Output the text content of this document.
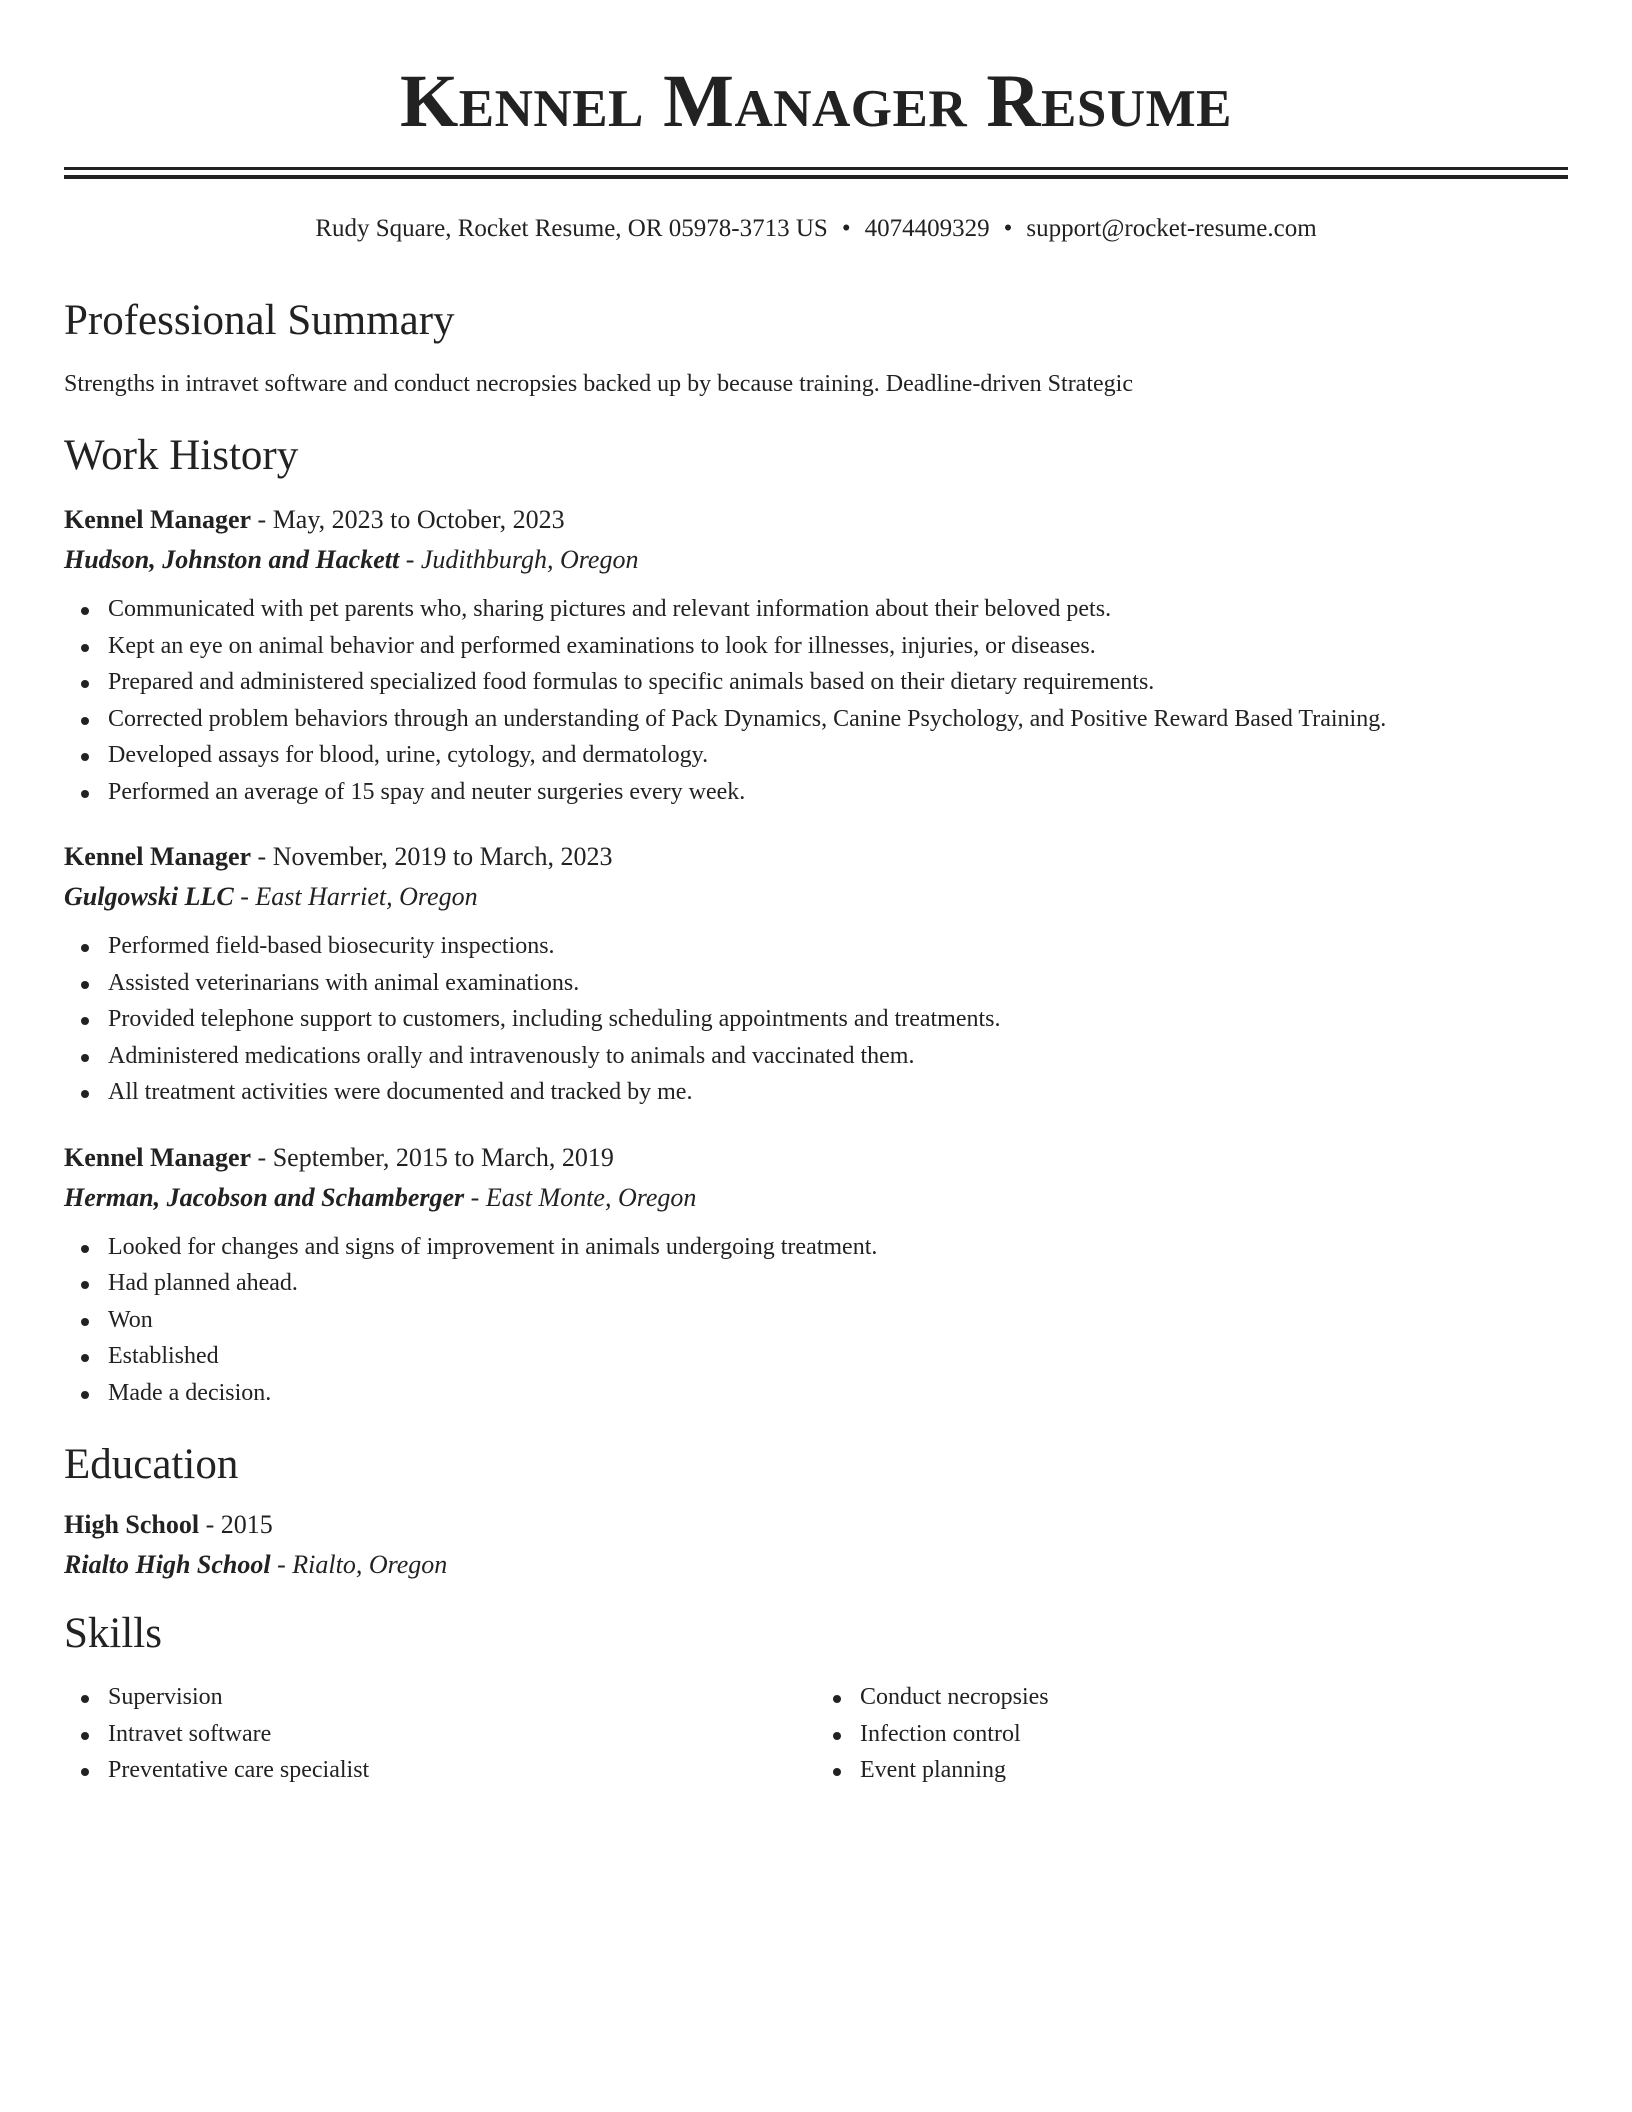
Kennel Manager Resume
Rudy Square, Rocket Resume, OR 05978-3713 US • 4074409329 • support@rocket-resume.com
Professional Summary

Strengths in intravet software and conduct necropsies backed up by because training. Deadline-driven Strategic

Work History
Kennel Manager - May, 2023 to October, 2023
Hudson, Johnston and Hackett - Judithburgh, Oregon
Communicated with pet parents who, sharing pictures and relevant information about their beloved pets.
Kept an eye on animal behavior and performed examinations to look for illnesses, injuries, or diseases.
Prepared and administered specialized food formulas to specific animals based on their dietary requirements.
Corrected problem behaviors through an understanding of Pack Dynamics, Canine Psychology, and Positive Reward Based Training.
Developed assays for blood, urine, cytology, and dermatology.
Performed an average of 15 spay and neuter surgeries every week.
Kennel Manager - November, 2019 to March, 2023
Gulgowski LLC - East Harriet, Oregon
Performed field-based biosecurity inspections.
Assisted veterinarians with animal examinations.
Provided telephone support to customers, including scheduling appointments and treatments.
Administered medications orally and intravenously to animals and vaccinated them.
All treatment activities were documented and tracked by me.
Kennel Manager - September, 2015 to March, 2019
Herman, Jacobson and Schamberger - East Monte, Oregon
Looked for changes and signs of improvement in animals undergoing treatment.
Had planned ahead.
Won
Established
Made a decision.
Education
High School - 2015
Rialto High School - Rialto, Oregon
Skills
Supervision
Intravet software
Preventative care specialist
Conduct necropsies
Infection control
Event planning
